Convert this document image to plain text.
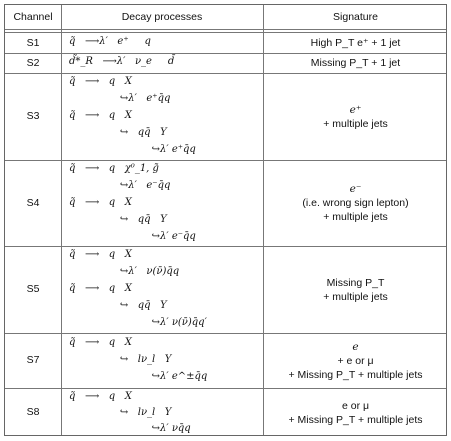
Channel	Decay processes	Signature
S1
S2
S3
S4
S5
S7
S8
q̃   ⟶λ′   e⁺     q
d̃*_R   ⟶λ′   ν_e     d̄
q̃   ⟶   q   X
↪λ′   e⁺q̄q
q̃   ⟶   q   X
↪   qq̄   Y
↪λ′ e⁺q̄q
q̃   ⟶   q   χ⁰_1, g̃
↪λ′   e⁻q̄q
q̃   ⟶   q   X
↪   qq̄   Y
↪λ′ e⁻q̄q
q̃   ⟶   q   X
↪λ′   ν(ν̄)q̄q
q̃   ⟶   q   X
↪   qq̄   Y
↪λ′ ν(ν̄)q̄q′
q̃   ⟶   q   X
↪   lν_l   Y
↪λ′ e^±q̄q
q̃   ⟶   q   X
↪   lν_l   Y
↪λ′ νq̄q
High P_T e⁺ + 1 jet
Missing P_T + 1 jet
e⁺
+ multiple jets
e⁻
(i.e. wrong sign lepton)
+ multiple jets
Missing P_T
+ multiple jets
e
+ e or μ
+ Missing P_T + multiple jets
e or μ
+ Missing P_T + multiple jets
